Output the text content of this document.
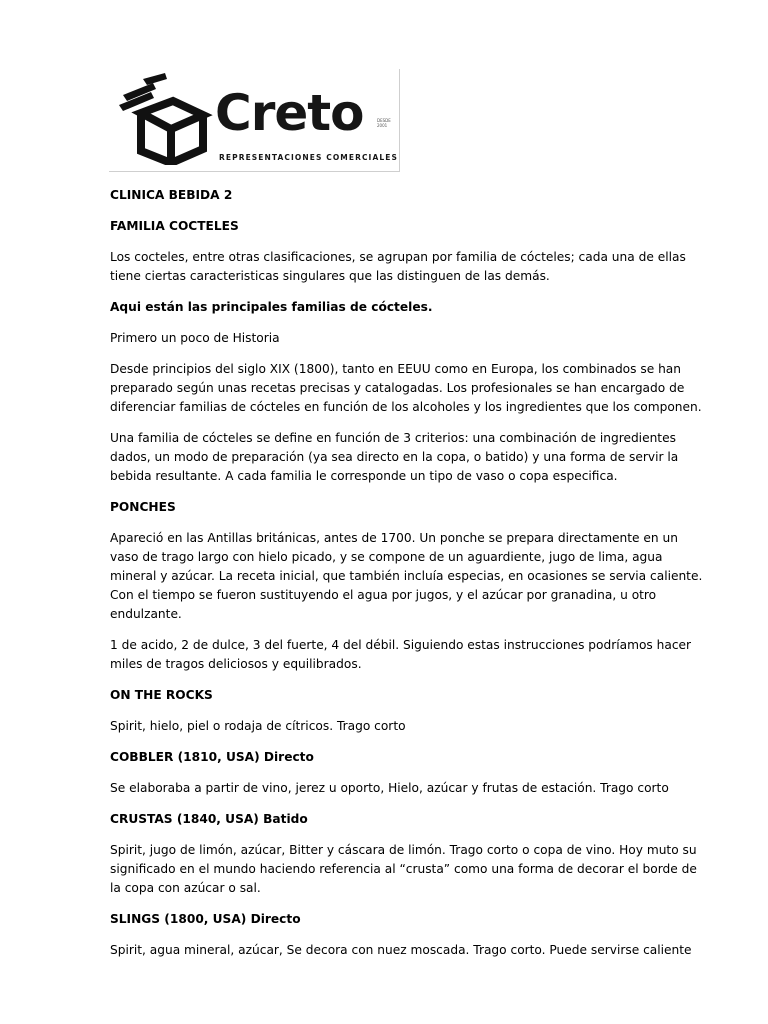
Creto	DESDE 2001
REPRESENTACIONES COMERCIALES

CLINICA BEBIDA 2

FAMILIA COCTELES

Los cocteles, entre otras clasificaciones, se agrupan por familia de cócteles; cada una de ellas tiene ciertas caracteristicas singulares que las distinguen de las demás.

Aqui están las principales familias de cócteles.

Primero un poco de Historia

Desde principios del siglo XIX (1800), tanto en EEUU como en Europa, los combinados se han preparado según unas recetas precisas y catalogadas. Los profesionales se han encargado de diferenciar familias de cócteles en función de los alcoholes y los ingredientes que los componen.

Una familia de cócteles se define en función de 3 criterios: una combinación de ingredientes dados, un modo de preparación (ya sea directo en la copa, o batido) y una forma de servir la bebida resultante. A cada familia le corresponde un tipo de vaso o copa especifica.

PONCHES

Apareció en las Antillas británicas, antes de 1700. Un ponche se prepara directamente en un vaso de trago largo con hielo picado, y se compone de un aguardiente, jugo de lima, agua mineral y azúcar. La receta inicial, que también incluía especias, en ocasiones se servia caliente. Con el tiempo se fueron sustituyendo el agua por jugos, y el azúcar por granadina, u otro endulzante.

1 de acido, 2 de dulce, 3 del fuerte, 4 del débil. Siguiendo estas instrucciones podríamos hacer miles de tragos deliciosos y equilibrados.

ON THE ROCKS

Spirit, hielo, piel o rodaja de cítricos. Trago corto

COBBLER (1810, USA) Directo

Se elaboraba a partir de vino, jerez u oporto, Hielo, azúcar y frutas de estación. Trago corto

CRUSTAS (1840, USA) Batido

Spirit, jugo de limón, azúcar, Bitter y cáscara de limón. Trago corto o copa de vino. Hoy muto su significado en el mundo haciendo referencia al “crusta” como una forma de decorar el borde de la copa con azúcar o sal.

SLINGS (1800, USA) Directo

Spirit, agua mineral, azúcar, Se decora con nuez moscada. Trago corto. Puede servirse caliente
